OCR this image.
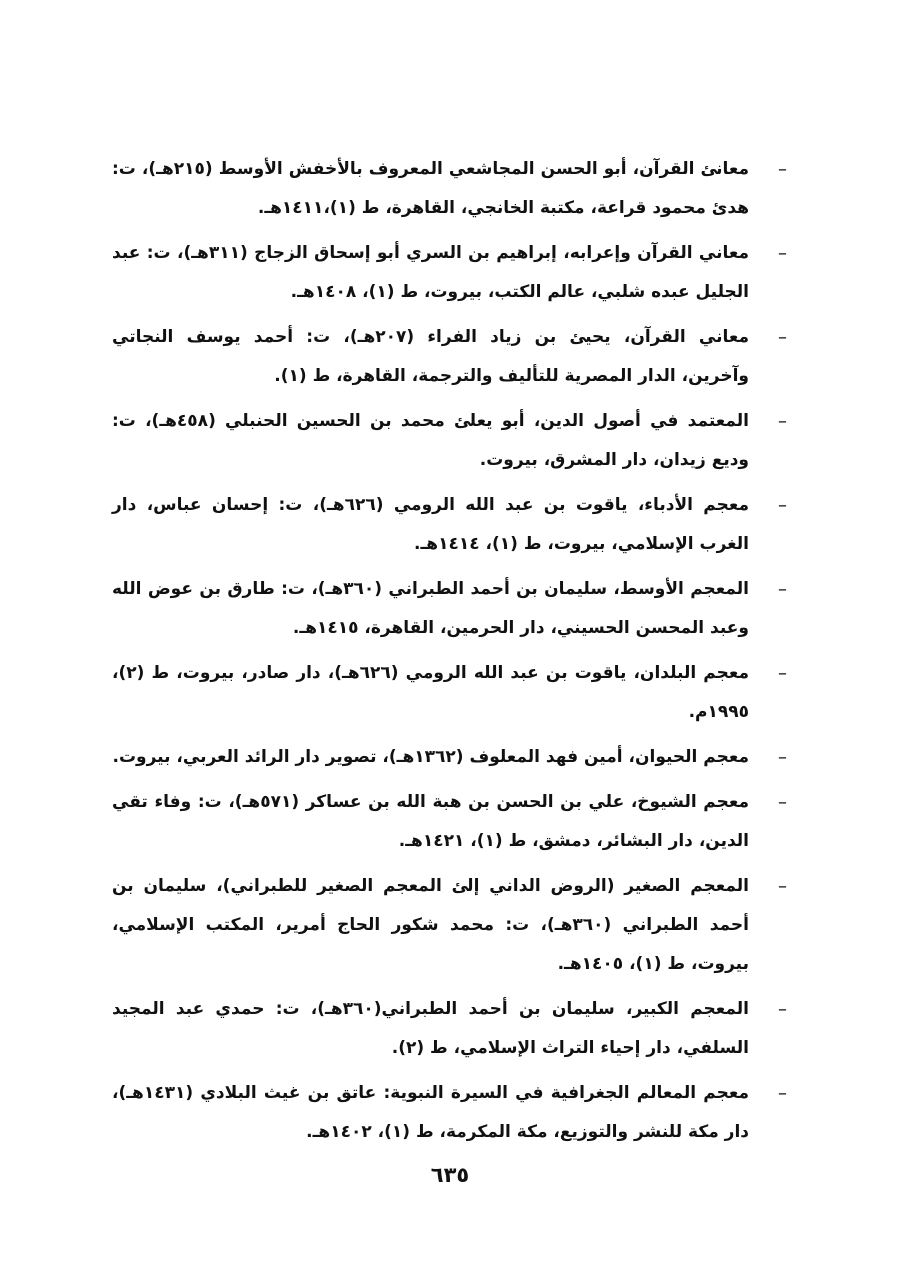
–
معانئ القرآن، أبو الحسن المجاشعي المعروف بالأخفش الأوسط (٢١٥هـ)، ت: هدئ محمود قراعة، مكتبة الخانجي، القاهرة، ط (١)،١٤١١هـ.
–
معاني القرآن وإعرابه، إبراهيم بن السري أبو إسحاق الزجاج (٣١١هـ)، ت: عبد الجليل عبده شلبي، عالم الكتب، بيروت، ط (١)، ١٤٠٨هـ.
–
معاني القرآن، يحيئ بن زياد الفراء (٢٠٧هـ)، ت: أحمد يوسف النجاتي وآخرين، الدار المصرية للتأليف والترجمة، القاهرة، ط (١).
–
المعتمد في أصول الدين، أبو يعلئ محمد بن الحسين الحنبلي (٤٥٨هـ)، ت: وديع زيدان، دار المشرق، بيروت.
–
معجم الأدباء، ياقوت بن عبد الله الرومي (٦٢٦هـ)، ت: إحسان عباس، دار الغرب الإسلامي، بيروت، ط (١)، ١٤١٤هـ.
–
المعجم الأوسط، سليمان بن أحمد الطبراني (٣٦٠هـ)، ت: طارق بن عوض الله وعبد المحسن الحسيني، دار الحرمين، القاهرة، ١٤١٥هـ.
–
معجم البلدان، ياقوت بن عبد الله الرومي (٦٢٦هـ)، دار صادر، بيروت، ط (٢)، ١٩٩٥م.
–
معجم الحيوان، أمين فهد المعلوف (١٣٦٢هـ)، تصوير دار الرائد العربي، بيروت.
–
معجم الشيوخ، علي بن الحسن بن هبة الله بن عساكر (٥٧١هـ)، ت: وفاء تقي الدين، دار البشائر، دمشق، ط (١)، ١٤٢١هـ.
–
المعجم الصغير (الروض الداني إلئ المعجم الصغير للطبراني)، سليمان بن أحمد الطبراني (٣٦٠هـ)، ت: محمد شكور الحاج أمرير، المكتب الإسلامي، بيروت، ط (١)، ١٤٠٥هـ.
–
المعجم الكبير، سليمان بن أحمد الطبراني(٣٦٠هـ)، ت: حمدي عبد المجيد السلفي، دار إحياء التراث الإسلامي، ط (٢).
–
معجم المعالم الجغرافية في السيرة النبوية: عاتق بن غيث البلادي (١٤٣١هـ)، دار مكة للنشر والتوزيع، مكة المكرمة، ط (١)، ١٤٠٢هـ.
٦٣٥
